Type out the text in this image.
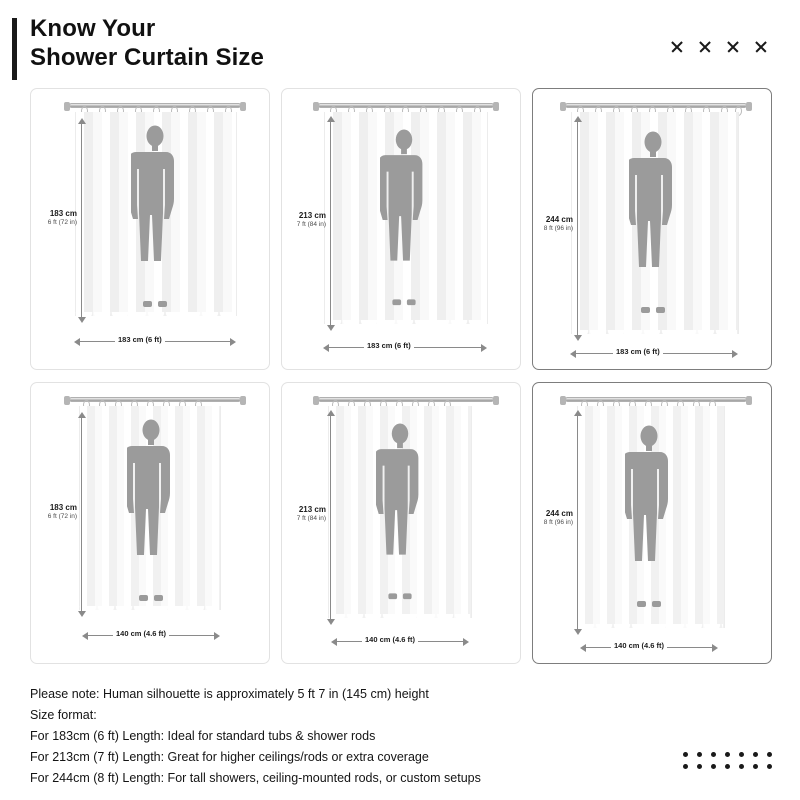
Know Your
Shower Curtain Size
183 cm
6 ft (72 in)
183 cm (6 ft)
213 cm
7 ft (84 in)
183 cm (6 ft)
244 cm
8 ft (96 in)
183 cm (6 ft)
183 cm
6 ft (72 in)
140 cm (4.6 ft)
213 cm
7 ft (84 in)
140 cm (4.6 ft)
244 cm
8 ft (96 in)
140 cm (4.6 ft)
Please note: Human silhouette is approximately 5 ft 7 in (145 cm) height
Size format:
For 183cm (6 ft) Length: Ideal for standard tubs & shower rods
For 213cm (7 ft) Length: Great for higher ceilings/rods or extra coverage
For 244cm (8 ft) Length: For tall showers, ceiling-mounted rods, or custom setups
